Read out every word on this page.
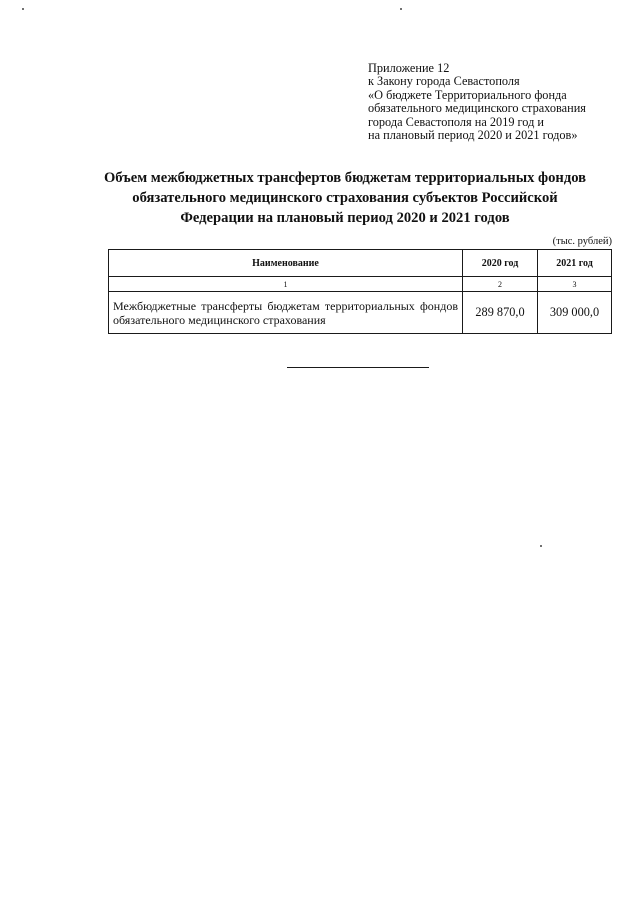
Приложение 12
к Закону города Севастополя
«О бюджете Территориального фонда
обязательного медицинского страхования
города Севастополя на 2019 год и
на плановый период 2020 и 2021 годов»
Объем межбюджетных трансфертов бюджетам территориальных фондов
обязательного медицинского страхования субъектов Российской
Федерации на плановый период 2020 и 2021 годов
(тыс. рублей)
Наименование	2020 год	2021 год
1	2	3
Межбюджетные трансферты бюджетам территориальных фондов обязательного медицинского страхования	289 870,0	309 000,0
